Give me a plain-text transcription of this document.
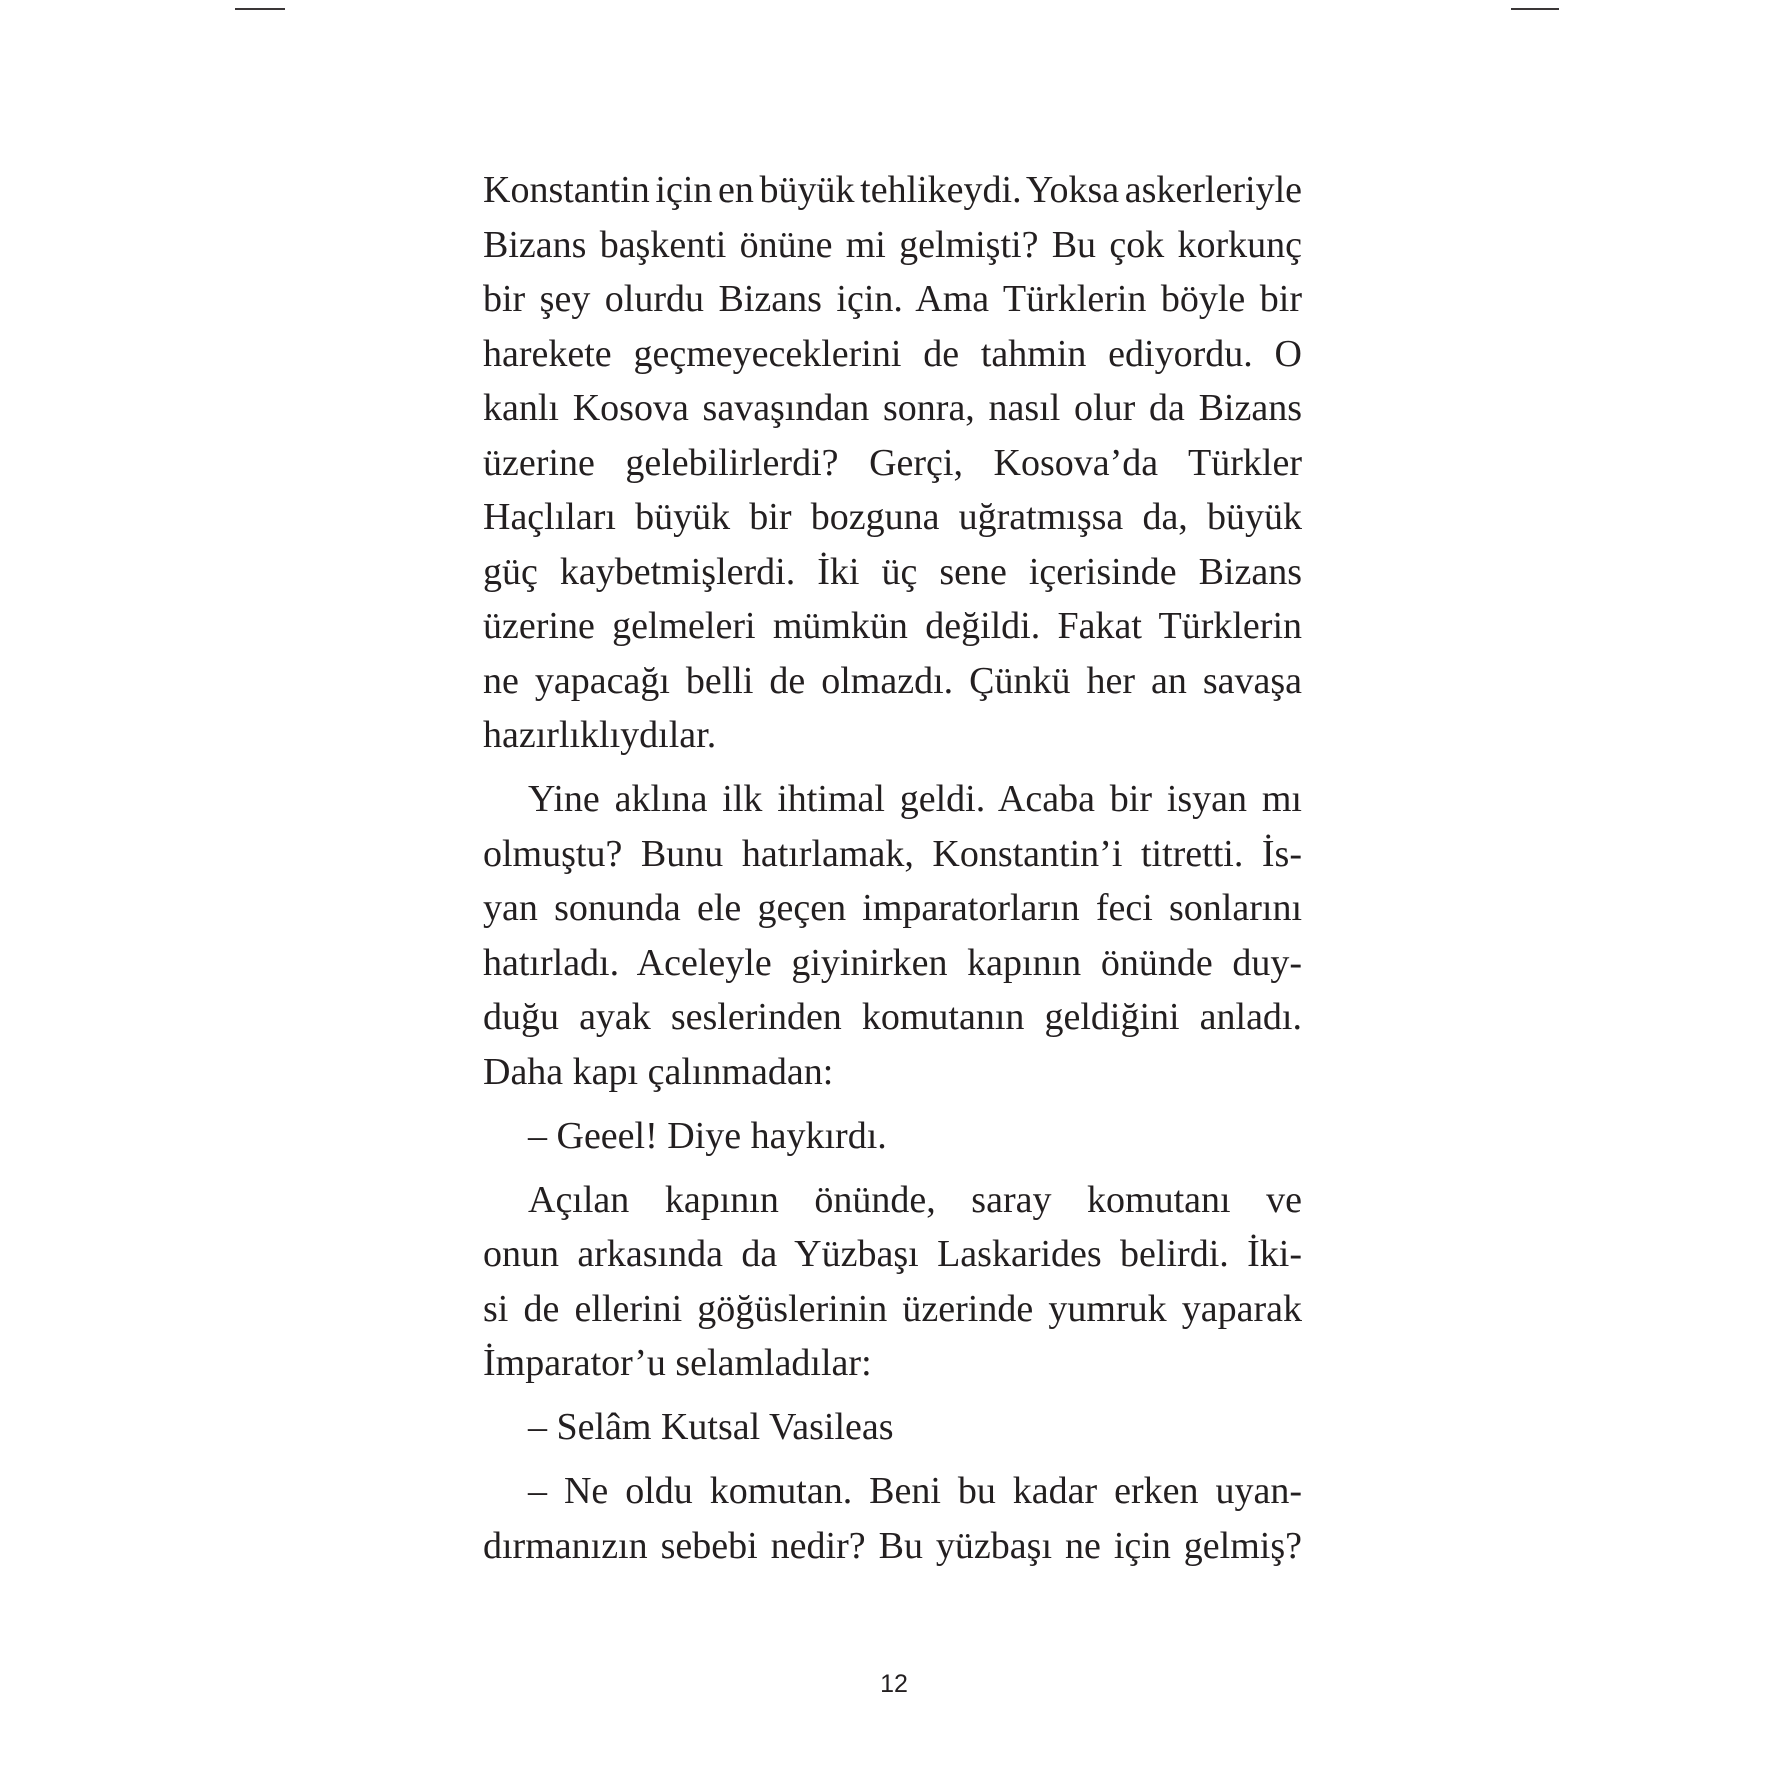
Konstantin için en büyük tehlikeydi. Yoksa askerleriyle
Bizans başkenti önüne mi gelmişti? Bu çok korkunç
bir şey olurdu Bizans için. Ama Türklerin böyle bir
harekete geçmeyeceklerini de tahmin ediyordu. O
kanlı Kosova savaşından sonra, nasıl olur da Bizans
üzerine gelebilirlerdi? Gerçi, Kosova’da Türkler
Haçlıları büyük bir bozguna uğratmışsa da, büyük
güç kaybetmişlerdi. İki üç sene içerisinde Bizans
üzerine gelmeleri mümkün değildi. Fakat Türklerin
ne yapacağı belli de olmazdı. Çünkü her an savaşa
hazırlıklıydılar.
Yine aklına ilk ihtimal geldi. Acaba bir isyan mı
olmuştu? Bunu hatırlamak, Konstantin’i titretti. İs-
yan sonunda ele geçen imparatorların feci sonlarını
hatırladı. Aceleyle giyinirken kapının önünde duy-
duğu ayak seslerinden komutanın geldiğini anladı.
Daha kapı çalınmadan:
– Geeel! Diye haykırdı.
Açılan kapının önünde, saray komutanı ve
onun arkasında da Yüzbaşı Laskarides belirdi. İki-
si de ellerini göğüslerinin üzerinde yumruk yaparak
İmparator’u selamladılar:
– Selâm Kutsal Vasileas
– Ne oldu komutan. Beni bu kadar erken uyan-
dırmanızın sebebi nedir? Bu yüzbaşı ne için gelmiş?
12
